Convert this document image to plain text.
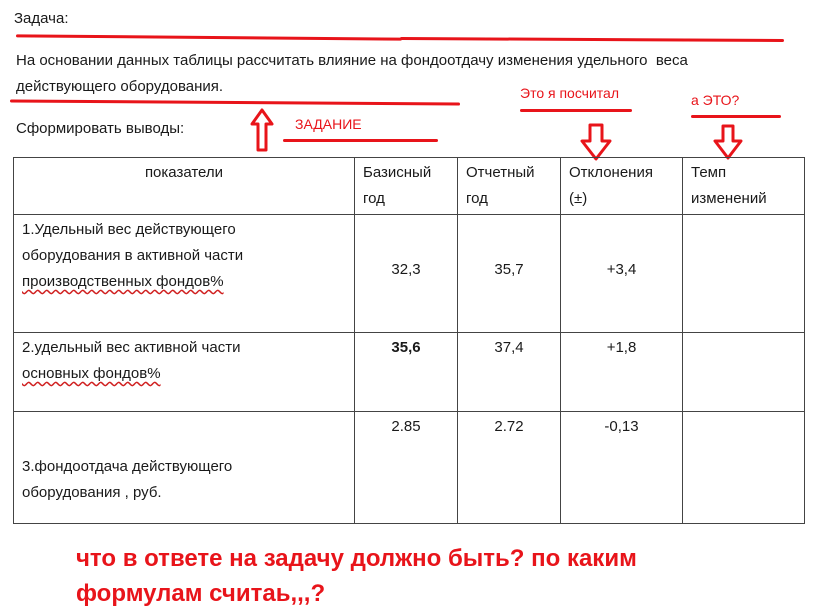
Задача:
На основании данных таблицы рассчитать влияние на фондоотдачу изменения удельного  веса
действующего оборудования.
Сформировать выводы:	ЗАДАНИЕ
Это я посчитал	а ЭТО?
показатели	Базисный год	Отчетный год	Отклонения (±)	Темп изменений

1.Удельный вес действующего
оборудования в активной части
производственных фондов%	32,3	35,7	+3,4	

2.удельный вес активной части
основных фондов%	35,6	37,4	+1,8	

3.фондоотдача действующего
оборудования , руб.	2.85	2.72	-0,13	

что в ответе на задачу должно быть? по каким
формулам считаь,,,?
